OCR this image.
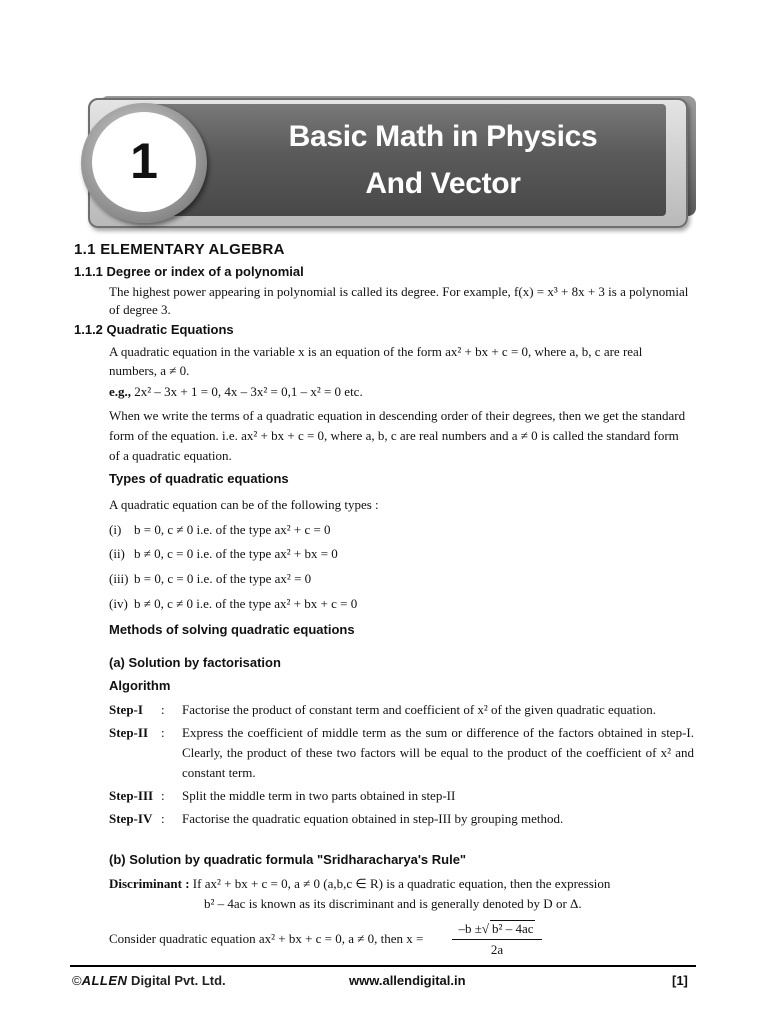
Basic Math in Physics
And Vector
1
1.1 ELEMENTARY ALGEBRA
1.1.1 Degree or index of a polynomial
The highest power appearing in polynomial is called its degree. For example, f(x) = x³ + 8x + 3 is a polynomial
of degree 3.
1.1.2 Quadratic Equations
A quadratic equation in the variable x is an equation of the form ax² + bx + c = 0, where a, b, c are real
numbers, a ≠ 0.
e.g., 2x² – 3x + 1 = 0, 4x – 3x² = 0,1 – x² = 0 etc.
When we write the terms of a quadratic equation in descending order of their degrees, then we get the standard
form of the equation. i.e. ax² + bx + c = 0, where a, b, c are real numbers and a ≠ 0 is called the standard form
of a quadratic equation.
Types of quadratic equations
A quadratic equation can be of the following types :
(i) b = 0, c ≠ 0 i.e. of the type ax² + c = 0
(ii) b ≠ 0, c = 0 i.e. of the type ax² + bx = 0
(iii) b = 0, c = 0 i.e. of the type ax² = 0
(iv) b ≠ 0, c ≠ 0 i.e. of the type ax² + bx + c = 0
Methods of solving quadratic equations
(a) Solution by factorisation
Algorithm
Step-I : Factorise the product of constant term and coefficient of x² of the given quadratic equation.
Step-II : Express the coefficient of middle term as the sum or difference of the factors obtained in step-I. Clearly, the product of these two factors will be equal to the product of the coefficient of x² and constant term.
Step-III : Split the middle term in two parts obtained in step-II
Step-IV : Factorise the quadratic equation obtained in step-III by grouping method.
(b) Solution by quadratic formula "Sridharacharya's Rule"
Discriminant : If ax² + bx + c = 0, a ≠ 0 (a,b,c ∈ R) is a quadratic equation, then the expression
b² – 4ac is known as its discriminant and is generally denoted by D or Δ.
Consider quadratic equation ax² + bx + c = 0, a ≠ 0, then $x = \frac{\text{–b ±√ b² – 4ac}}{2a}$
©ALLEN Digital Pvt. Ltd.	www.allendigital.in	[1]
